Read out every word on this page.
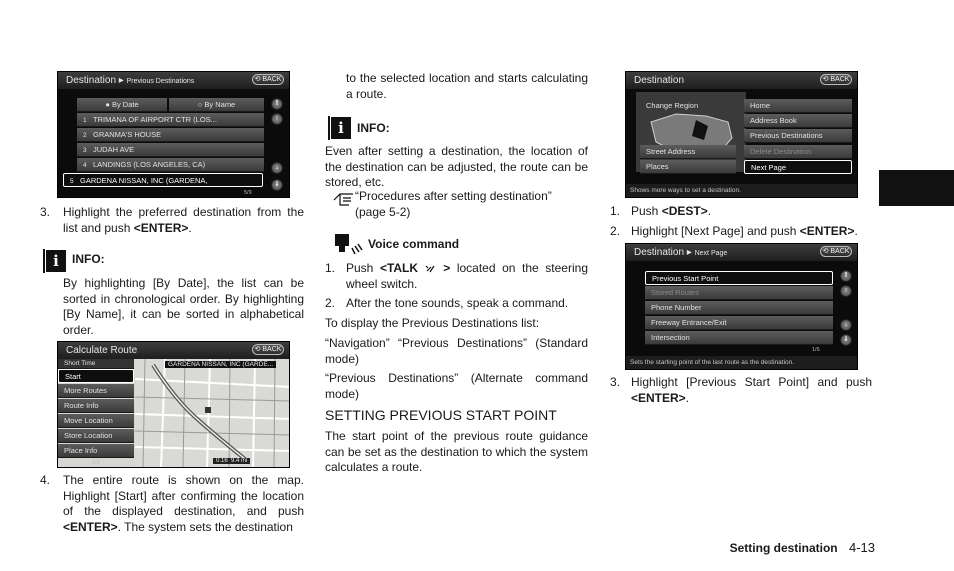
Destination ▸ Previous Destinations	⟲ BACK
● By Date	○ By Name
1 TRIMANA OF AIRPORT CTR (LOS...
2 GRANMA'S HOUSE
3 JUDAH AVE
4 LANDINGS (LOS ANGELES, CA)
5 GARDENA NISSAN, INC (GARDENA,
⇑
↑
↓
⇓
5/9
3. Highlight the preferred destination from the list and push <ENTER>.

i	INFO:

By highlighting [By Date], the list can be sorted in chronological order. By highlighting [By Name], it can be sorted in alphabetical order.

Calculate Route	⟲ BACK
GARDENA NISSAN, INC (GARDE...
Short Time
Start
More Routes
Route Info
Move Location
Store Location
Place Info
1/6	0.16 9.4 mi
4. The entire route is shown on the map. Highlight [Start] after confirming the location of the displayed destination, and push <ENTER>. The system sets the destination

to the selected location and starts calculating a route.

i	INFO:

Even after setting a destination, the location of the destination can be adjusted, the route can be stored, etc.

“Procedures after setting destination” (page 5-2)
Voice command
1. Push <TALK > located on the steering wheel switch.

2. After the tone sounds, speak a command.

To display the Previous Destinations list:

“Navigation” “Previous Destinations” (Standard mode)

“Previous Destinations” (Alternate command mode)

SETTING PREVIOUS START POINT

The start point of the previous route guidance can be set as the destination to which the system calculates a route.

Destination	⟲ BACK
Change Region
Street Address
Places
Home
Address Book
Previous Destinations
Delete Destination
Next Page
Shows more ways to set a destination.
1. Push <DEST>.

2. Highlight [Next Page] and push <ENTER>.

Destination ▸ Next Page	⟲ BACK
Previous Start Point
Stored Routes
Phone Number
Freeway Entrance/Exit
Intersection
⇑
↑
↓
⇓
1/6
Sets the starting point of the last route as the destination.
3. Highlight [Previous Start Point] and push <ENTER>.

Setting destination 4-13
